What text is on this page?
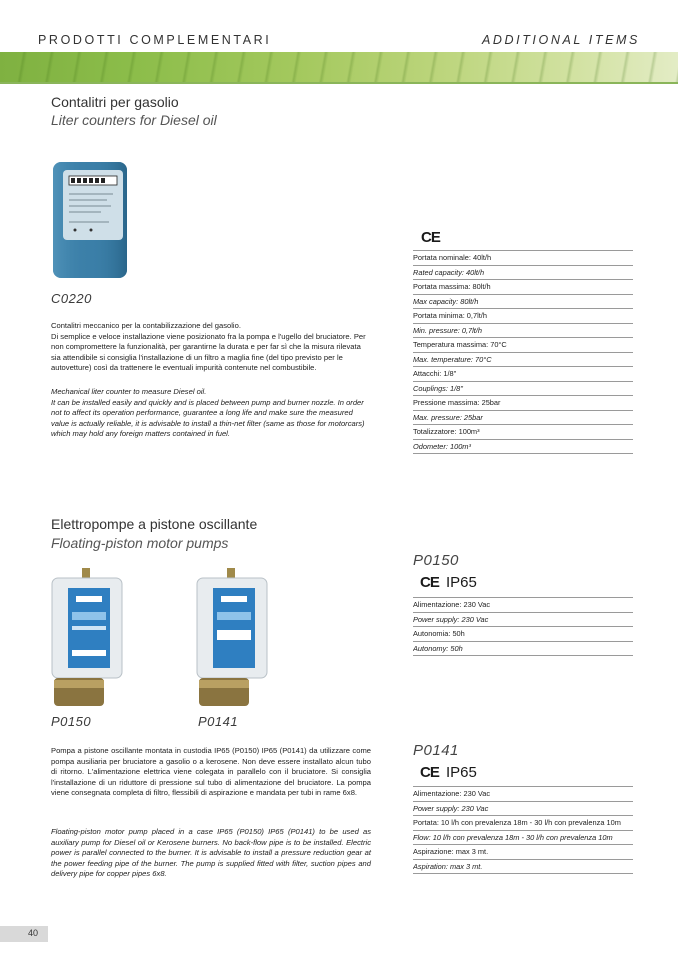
PRODOTTI COMPLEMENTARI	ADDITIONAL ITEMS
Contalitri per gasolio
Liter counters for Diesel oil
C0220
Contalitri meccanico per la contabilizzazione del gasolio.
Di semplice e veloce installazione viene posizionato fra la pompa e l'ugello del bruciatore. Per non compromettere la funzionalità, per garantirne la durata e per far sì che la misura rilevata sia attendibile si consiglia l'installazione di un filtro a maglia fine (del tipo previsto per le autovetture) così da trattenere le eventuali impurità contenute nel combustibile.
Mechanical liter counter to measure Diesel oil.
It can be installed easily and quickly and is placed between pump and burner nozzle. In order not to affect its operation performance, guarantee a long life and make sure the measured value is actually reliable, it is advisable to install a thin-net filter (same as those for motorcars) which may hold any foreign matters contained in fuel.
CE
Portata nominale: 40lt/h
Rated capacity: 40lt/h
Portata massima: 80lt/h
Max capacity: 80lt/h
Portata minima: 0,7lt/h
Min. pressure: 0,7lt/h
Temperatura massima: 70°C
Max. temperature: 70°C
Attacchi: 1/8"
Couplings: 1/8"
Pressione massima: 25bar
Max. pressure: 25bar
Totalizzatore: 100m³
Odometer: 100m³
Elettropompe a pistone oscillante
Floating-piston motor pumps
P0150	P0141
Pompa a pistone oscillante montata in custodia IP65 (P0150) IP65 (P0141) da utilizzare come pompa ausiliaria per bruciatore a gasolio o a kerosene. Non deve essere installato alcun tubo di ritorno. L'alimentazione elettrica viene colegata in parallelo con il bruciatore. Si consiglia l'installazione di un riduttore di pressione sul tubo di alimentazione del bruciatore. La pompa viene consegnata completa di filtro, flessibili di aspirazione e mandata per tubi in rame 6x8.
Floating-piston motor pump placed in a case IP65 (P0150) IP65 (P0141) to be used as auxiliary pump for Diesel oil or Kerosene burners. No back-flow pipe is to be installed. Electric power is parallel connected to the burner. It is advisable to install a pressure reduction gear at the power feeding pipe of the burner. The pump is supplied fitted with filter, suction pipes and delivery pipe for copper pipes 6x8.
P0150
CE IP65
Alimentazione: 230 Vac
Power supply: 230 Vac
Autonomia: 50h
Autonomy: 50h
P0141
CE IP65
Alimentazione: 230 Vac
Power supply: 230 Vac
Portata: 10 l/h con prevalenza 18m - 30 l/h con prevalenza 10m
Flow: 10 l/h con prevalenza 18m - 30 l/h con prevalenza 10m
Aspirazione: max 3 mt.
Aspiration: max 3 mt.
40
